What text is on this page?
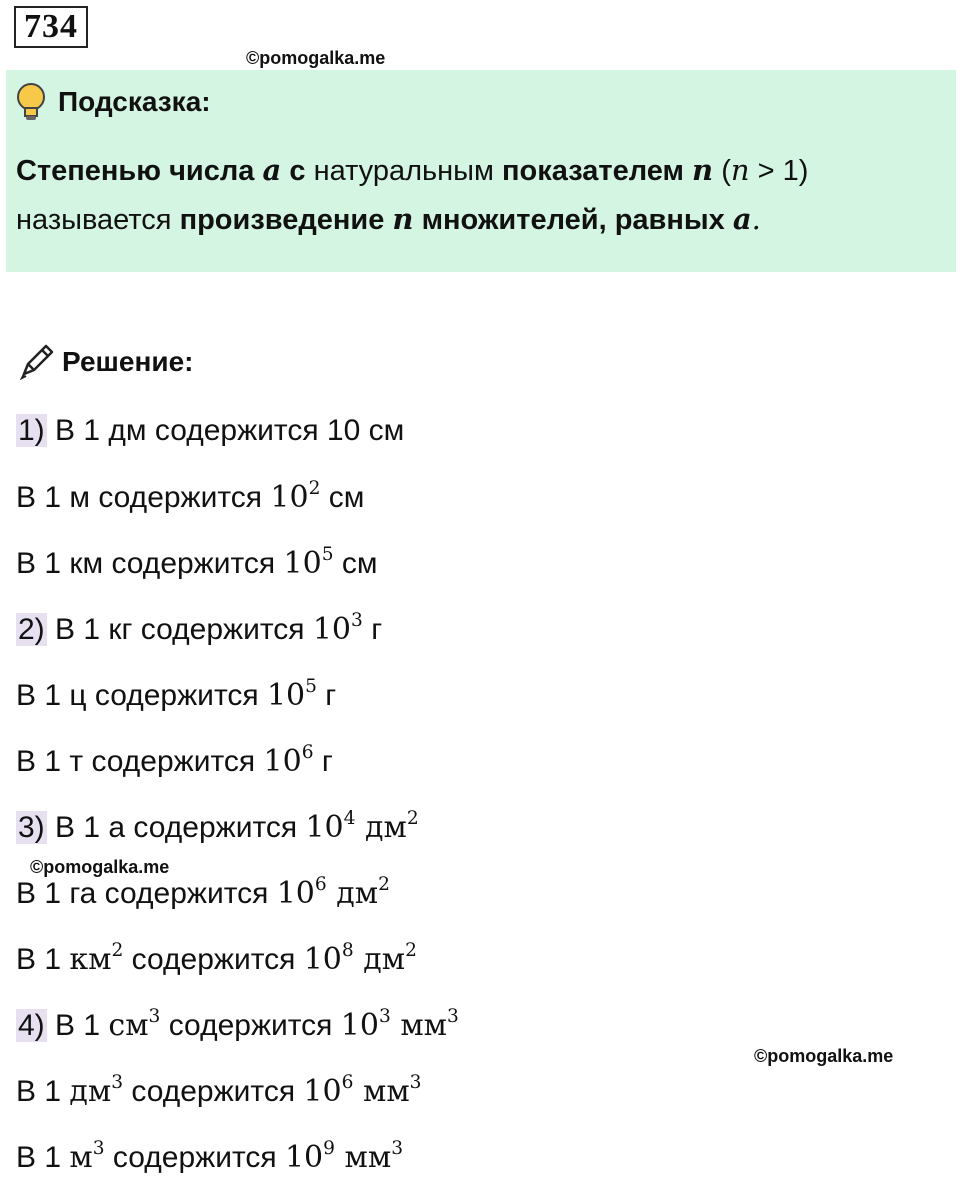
734
©pomogalka.me
Подсказка:
Степенью числа a с натуральным показателем n (n > 1)
называется произведение n множителей, равных a.
Решение:
1) В 1 дм содержится 10 см
В 1 м содержится $10^2$ см
В 1 км содержится $10^5$ см
2) В 1 кг содержится $10^3$ г
В 1 ц содержится $10^5$ г
В 1 т содержится $10^6$ г
3) В 1 а содержится $10^4$ $дм^2$
©pomogalka.me
В 1 га содержится $10^6$ $дм^2$
В 1 $км^2$ содержится $10^8$ $дм^2$
4) В 1 $см^3$ содержится $10^3$ $мм^3$
©pomogalka.me
В 1 $дм^3$ содержится $10^6$ $мм^3$
В 1 $м^3$ содержится $10^9$ $мм^3$
